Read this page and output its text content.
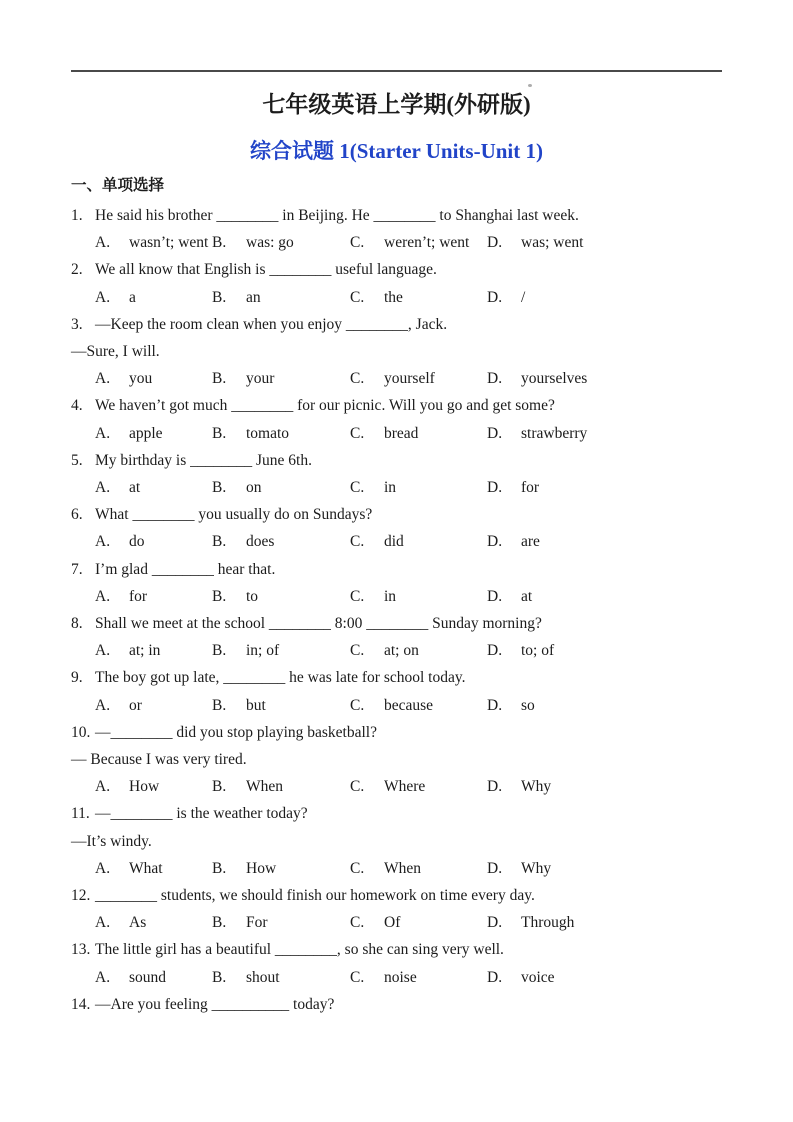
七年级英语上学期(外研版)
综合试题 1(Starter Units-Unit 1)
一、单项选择
1. He said his brother ________ in Beijing. He ________ to Shanghai last week.
A. wasn’t; went B. was: go	C. weren’t; went	D. was; went
2. We all know that English is ________ useful language.
A. a	B. an	C. the	D. /
3. —Keep the room clean when you enjoy ________, Jack.
—Sure, I will.
A. you	B. your	C. yourself	D. yourselves
4. We haven’t got much ________ for our picnic. Will you go and get some?
A. apple	B. tomato	C. bread	D. strawberry
5. My birthday is ________ June 6th.
A. at	B. on	C. in	D. for
6. What ________ you usually do on Sundays?
A. do	B. does	C. did	D. are
7. I’m glad ________ hear that.
A. for	B. to	C. in	D. at
8. Shall we meet at the school ________ 8:00 ________ Sunday morning?
A. at; in	B. in; of	C. at; on	D. to; of
9. The boy got up late, ________ he was late for school today.
A. or	B. but	C. because	D. so
10. —________ did you stop playing basketball?
— Because I was very tired.
A. How	B. When	C. Where	D. Why
11. —________ is the weather today?
—It’s windy.
A. What	B. How	C. When	D. Why
12. ________ students, we should finish our homework on time every day.
A. As	B. For	C. Of	D. Through
13. The little girl has a beautiful ________, so she can sing very well.
A. sound	B. shout	C. noise	D. voice
14. —Are you feeling __________ today?
